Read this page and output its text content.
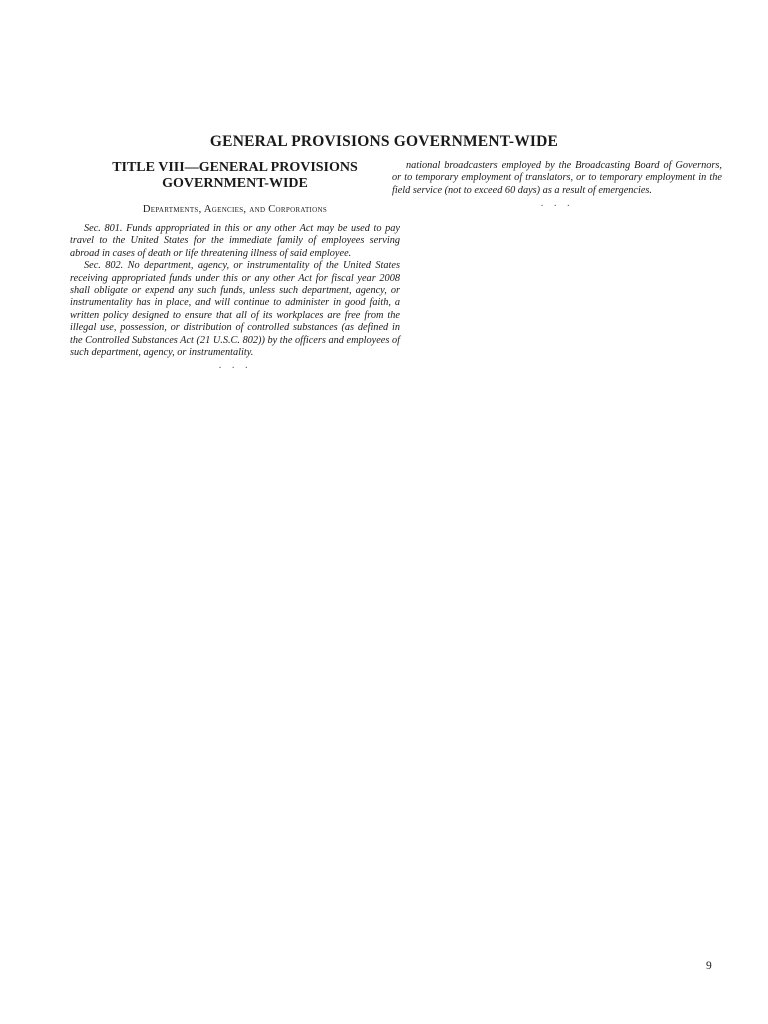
GENERAL PROVISIONS GOVERNMENT-WIDE
TITLE VIII—GENERAL PROVISIONS
GOVERNMENT-WIDE
Departments, Agencies, and Corporations

Sec. 801. Funds appropriated in this or any other Act may be used to pay travel to the United States for the immediate family of employees serving abroad in cases of death or life threatening illness of said employee.

Sec. 802. No department, agency, or instrumentality of the United States receiving appropriated funds under this or any other Act for fiscal year 2008 shall obligate or expend any such funds, unless such department, agency, or instrumentality has in place, and will continue to administer in good faith, a written policy designed to ensure that all of its workplaces are free from the illegal use, possession, or distribution of controlled substances (as defined in the Controlled Substances Act (21 U.S.C. 802)) by the officers and employees of such department, agency, or instrumentality.

· · ·

national broadcasters employed by the Broadcasting Board of Governors, or to temporary employment of translators, or to temporary employment in the field service (not to exceed 60 days) as a result of emergencies.

· · ·
9
